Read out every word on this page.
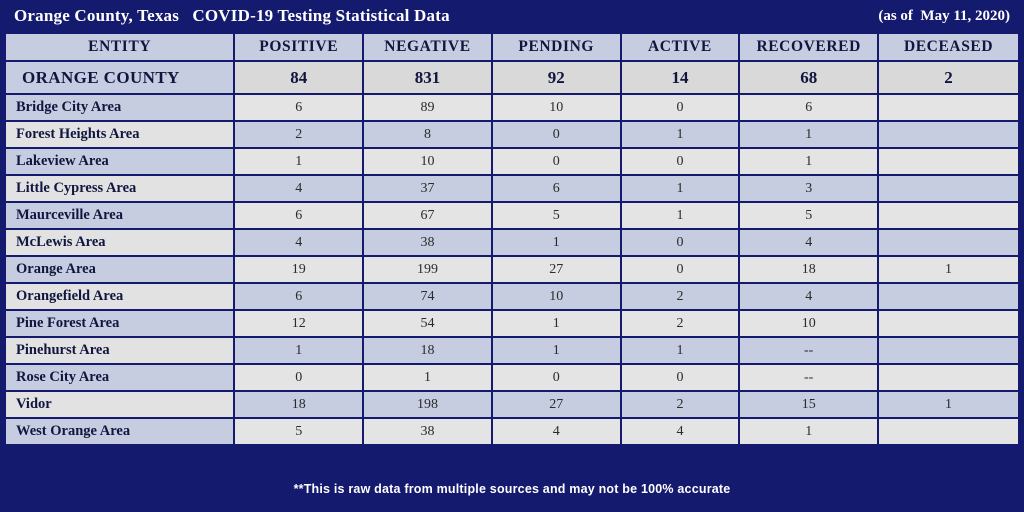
Orange County, Texas   COVID-19 Testing Statistical Data	(as of  May 11, 2020)
ENTITY	POSITIVE	NEGATIVE	PENDING	ACTIVE	RECOVERED	DECEASED
ORANGE COUNTY	84	831	92	14	68	2
Bridge City Area	6	89	10	0	6	
Forest Heights Area	2	8	0	1	1	
Lakeview Area	1	10	0	0	1	
Little Cypress Area	4	37	6	1	3	
Maurceville Area	6	67	5	1	5	
McLewis Area	4	38	1	0	4	
Orange Area	19	199	27	0	18	1
Orangefield Area	6	74	10	2	4	
Pine Forest Area	12	54	1	2	10	
Pinehurst Area	1	18	1	1	--	
Rose City Area	0	1	0	0	--	
Vidor	18	198	27	2	15	1
West Orange Area	5	38	4	4	1	
**This is raw data from multiple sources and may not be 100% accurate
